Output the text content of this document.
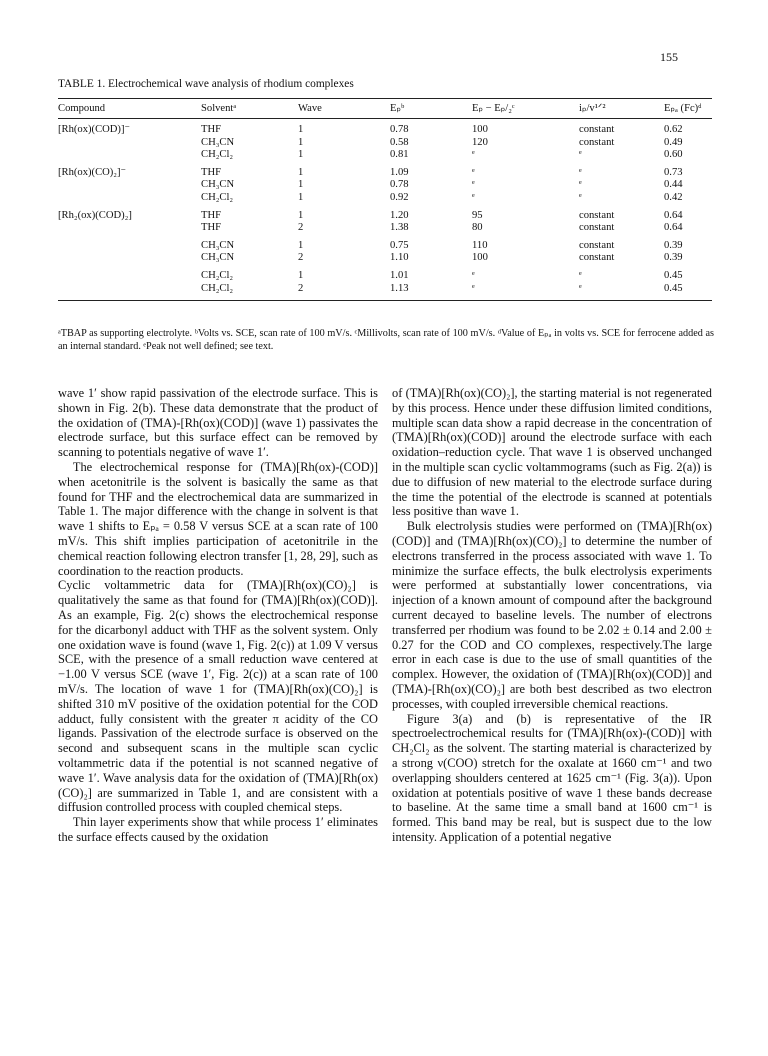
155
TABLE 1. Electrochemical wave analysis of rhodium complexes
Compound	Solventᵃ	Wave	Eₚᵇ	Eₚ − Eₚ/₂ᶜ	iₚ/v¹ᐟ²	Eₚₐ (Fc)ᵈ
[Rh(ox)(COD)]⁻	THF	1	0.78	100	constant	0.62
	CH₃CN	1	0.58	120	constant	0.49
	CH₂Cl₂	1	0.81	ᵉ	ᵉ	0.60

[Rh(ox)(CO)₂]⁻	THF	1	1.09	ᵉ	ᵉ	0.73
	CH₃CN	1	0.78	ᵉ	ᵉ	0.44
	CH₂Cl₂	1	0.92	ᵉ	ᵉ	0.42

[Rh₂(ox)(COD)₂]	THF	1	1.20	95	constant	0.64
	THF	2	1.38	80	constant	0.64

	CH₃CN	1	0.75	110	constant	0.39
	CH₃CN	2	1.10	100	constant	0.39

	CH₂Cl₂	1	1.01	ᵉ	ᵉ	0.45
	CH₂Cl₂	2	1.13	ᵉ	ᵉ	0.45
ᵃTBAP as supporting electrolyte. ᵇVolts vs. SCE, scan rate of 100 mV/s. ᶜMillivolts, scan rate of 100 mV/s. ᵈValue of Eₚₐ in volts vs. SCE for ferrocene added as an internal standard. ᵉPeak not well defined; see text.

wave 1′ show rapid passivation of the electrode surface. This is shown in Fig. 2(b). These data demonstrate that the product of the oxidation of (TMA)-[Rh(ox)(COD)] (wave 1) passivates the electrode surface, but this surface effect can be removed by scanning to potentials negative of wave 1′.

The electrochemical response for (TMA)[Rh(ox)-(COD)] when acetonitrile is the solvent is basically the same as that found for THF and the electrochemical data are summarized in Table 1. The major difference with the change in solvent is that wave 1 shifts to Eₚₐ = 0.58 V versus SCE at a scan rate of 100 mV/s. This shift implies participation of acetonitrile in the chemical reaction following electron transfer [1, 28, 29], such as coordination to the reaction products.

Cyclic voltammetric data for (TMA)[Rh(ox)(CO)₂] is qualitatively the same as that found for (TMA)[Rh(ox)(COD)]. As an example, Fig. 2(c) shows the electrochemical response for the dicarbonyl adduct with THF as the solvent system. Only one oxidation wave is found (wave 1, Fig. 2(c)) at 1.09 V versus SCE, with the presence of a small reduction wave centered at −1.00 V versus SCE (wave 1′, Fig. 2(c)) at a scan rate of 100 mV/s. The location of wave 1 for (TMA)[Rh(ox)(CO)₂] is shifted 310 mV positive of the oxidation potential for the COD adduct, fully consistent with the greater π acidity of the CO ligands. Passivation of the electrode surface is observed on the second and subsequent scans in the multiple scan cyclic voltammetric data if the potential is not scanned negative of wave 1′. Wave analysis data for the oxidation of (TMA)[Rh(ox)(CO)₂] are summarized in Table 1, and are consistent with a diffusion controlled process with coupled chemical steps.

Thin layer experiments show that while process 1′ eliminates the surface effects caused by the oxidation

of (TMA)[Rh(ox)(CO)₂], the starting material is not regenerated by this process. Hence under these diffusion limited conditions, multiple scan data show a rapid decrease in the concentration of (TMA)[Rh(ox)(COD)] around the electrode surface with each oxidation–reduction cycle. That wave 1 is observed unchanged in the multiple scan cyclic voltammograms (such as Fig. 2(a)) is due to diffusion of new material to the electrode surface during the time the potential of the electrode is scanned at potentials less positive than wave 1.

Bulk electrolysis studies were performed on (TMA)[Rh(ox)(COD)] and (TMA)[Rh(ox)(CO)₂] to determine the number of electrons transferred in the process associated with wave 1. To minimize the surface effects, the bulk electrolysis experiments were performed at substantially lower concentrations, via injection of a known amount of compound after the background current decayed to baseline levels. The number of electrons transferred per rhodium was found to be 2.02 ± 0.14 and 2.00 ± 0.27 for the COD and CO complexes, respectively.The large error in each case is due to the use of small quantities of the complex. However, the oxidation of (TMA)[Rh(ox)(COD)] and (TMA)-[Rh(ox)(CO)₂] are both best described as two electron processes, with coupled irreversible chemical reactions.

Figure 3(a) and (b) is representative of the IR spectroelectrochemical results for (TMA)[Rh(ox)-(COD)] with CH₂Cl₂ as the solvent. The starting material is characterized by a strong ν(COO) stretch for the oxalate at 1660 cm⁻¹ and two overlapping shoulders centered at 1625 cm⁻¹ (Fig. 3(a)). Upon oxidation at potentials positive of wave 1 these bands decrease to baseline. At the same time a small band at 1600 cm⁻¹ is formed. This band may be real, but is suspect due to the low intensity. Application of a potential negative
